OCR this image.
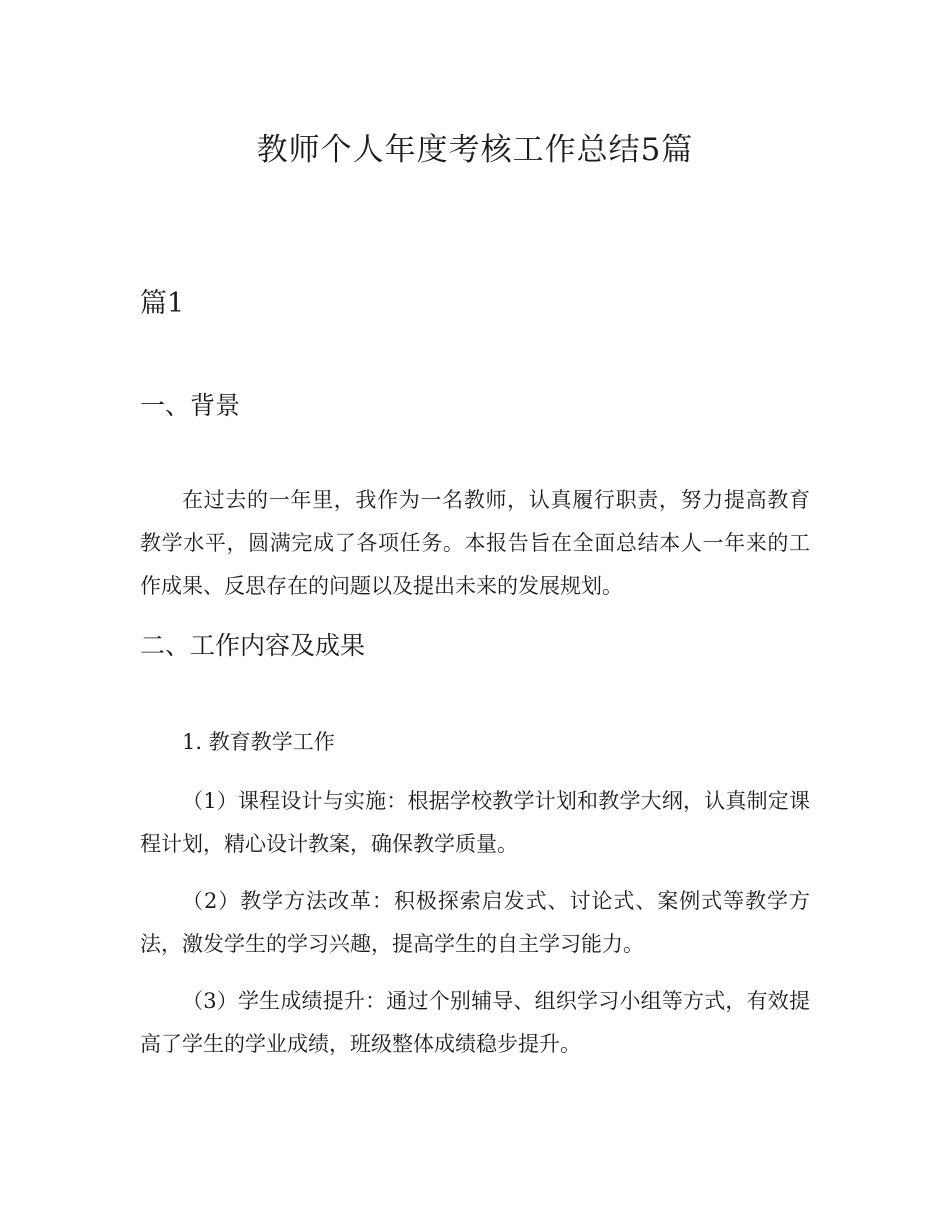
教师个人年度考核工作总结5篇
篇1
一、背景

在过去的一年里，我作为一名教师，认真履行职责，努力提高教育教学水平，圆满完成了各项任务。本报告旨在全面总结本人一年来的工作成果、反思存在的问题以及提出未来的发展规划。

二、工作内容及成果
1. 教育教学工作

（1）课程设计与实施：根据学校教学计划和教学大纲，认真制定课程计划，精心设计教案，确保教学质量。

（2）教学方法改革：积极探索启发式、讨论式、案例式等教学方法，激发学生的学习兴趣，提高学生的自主学习能力。

（3）学生成绩提升：通过个别辅导、组织学习小组等方式，有效提高了学生的学业成绩，班级整体成绩稳步提升。
